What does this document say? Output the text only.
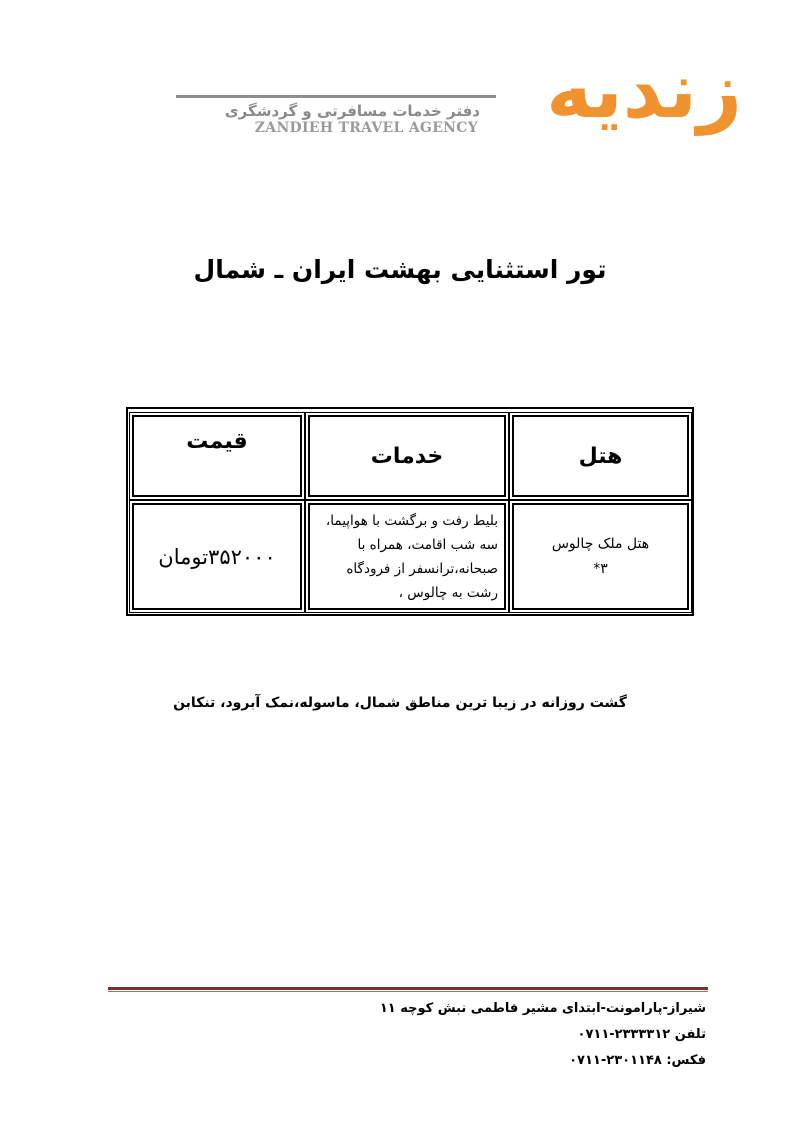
زندیه
دفتر خدمات مسافرتی و گردشگری
ZANDIEH TRAVEL AGENCY
تور استثنایی بهشت ایران ـ شمال
هتل
خدمات
قیمت
هتل ملک چالوس ۳*
بلیط رفت و برگشت با هواپیما، سه شب اقامت، همراه با صبحانه،ترانسفر از فرودگاه رشت به چالوس ،
۳۵۲۰۰۰تومان
گشت روزانه در زیبا ترین مناطق شمال، ماسوله،نمک آبرود، تنکابن
شیراز-پارامونت-ابتدای مشیر فاطمی نبش کوچه ۱۱
تلفن ۲۳۳۳۳۱۲-۰۷۱۱
فکس: ۲۳۰۱۱۴۸-۰۷۱۱
